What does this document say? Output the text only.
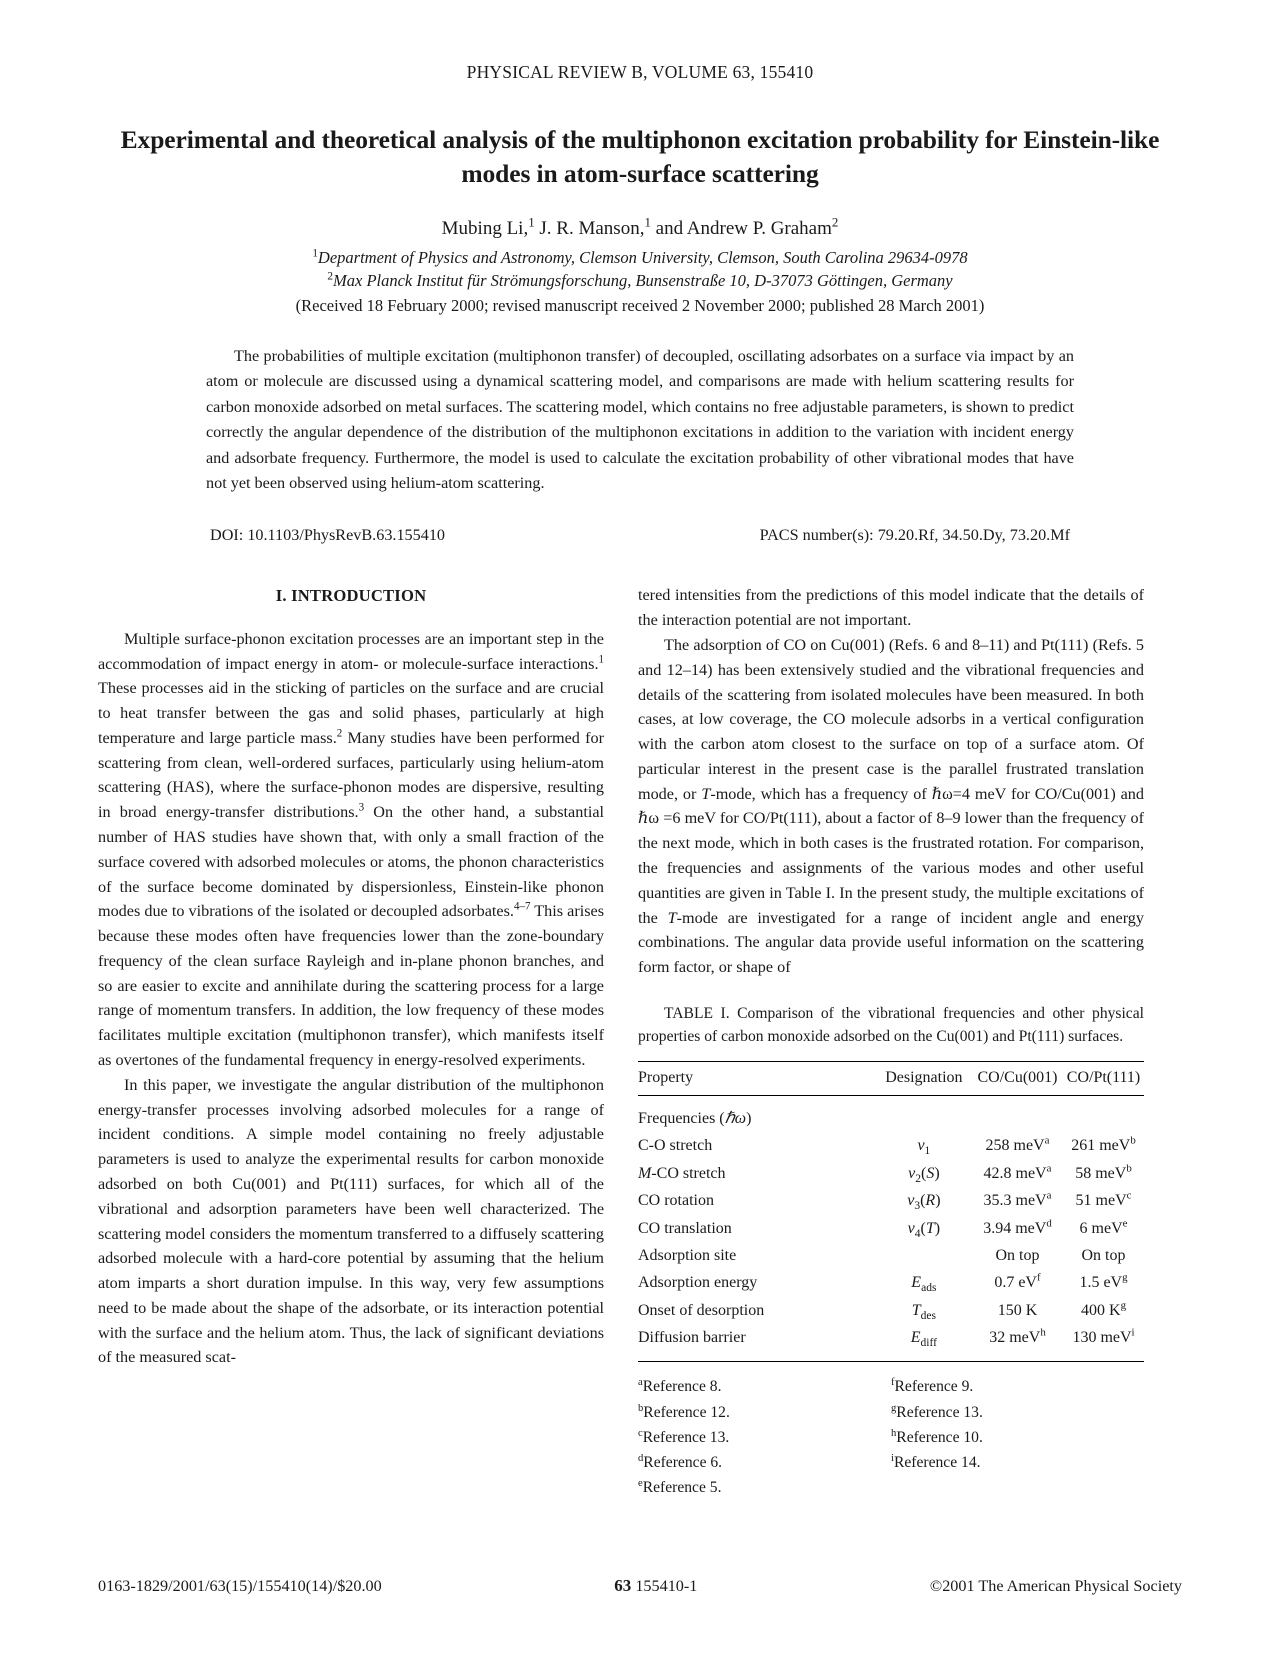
PHYSICAL REVIEW B, VOLUME 63, 155410
Experimental and theoretical analysis of the multiphonon excitation probability for Einstein-like modes in atom-surface scattering
Mubing Li,$^1$ J. R. Manson,$^1$ and Andrew P. Graham$^2$
$^1$Department of Physics and Astronomy, Clemson University, Clemson, South Carolina 29634-0978
$^2$Max Planck Institut für Strömungsforschung, Bunsenstraße 10, D-37073 Göttingen, Germany
(Received 18 February 2000; revised manuscript received 2 November 2000; published 28 March 2001)
The probabilities of multiple excitation (multiphonon transfer) of decoupled, oscillating adsorbates on a surface via impact by an atom or molecule are discussed using a dynamical scattering model, and comparisons are made with helium scattering results for carbon monoxide adsorbed on metal surfaces. The scattering model, which contains no free adjustable parameters, is shown to predict correctly the angular dependence of the distribution of the multiphonon excitations in addition to the variation with incident energy and adsorbate frequency. Furthermore, the model is used to calculate the excitation probability of other vibrational modes that have not yet been observed using helium-atom scattering.
DOI: 10.1103/PhysRevB.63.155410	PACS number(s): 79.20.Rf, 34.50.Dy, 73.20.Mf
I. INTRODUCTION

Multiple surface-phonon excitation processes are an important step in the accommodation of impact energy in atom- or molecule-surface interactions.$^1$ These processes aid in the sticking of particles on the surface and are crucial to heat transfer between the gas and solid phases, particularly at high temperature and large particle mass.$^2$ Many studies have been performed for scattering from clean, well-ordered surfaces, particularly using helium-atom scattering (HAS), where the surface-phonon modes are dispersive, resulting in broad energy-transfer distributions.$^3$ On the other hand, a substantial number of HAS studies have shown that, with only a small fraction of the surface covered with adsorbed molecules or atoms, the phonon characteristics of the surface become dominated by dispersionless, Einstein-like phonon modes due to vibrations of the isolated or decoupled adsorbates.$^{4-7}$ This arises because these modes often have frequencies lower than the zone-boundary frequency of the clean surface Rayleigh and in-plane phonon branches, and so are easier to excite and annihilate during the scattering process for a large range of momentum transfers. In addition, the low frequency of these modes facilitates multiple excitation (multiphonon transfer), which manifests itself as overtones of the fundamental frequency in energy-resolved experiments.

In this paper, we investigate the angular distribution of the multiphonon energy-transfer processes involving adsorbed molecules for a range of incident conditions. A simple model containing no freely adjustable parameters is used to analyze the experimental results for carbon monoxide adsorbed on both Cu(001) and Pt(111) surfaces, for which all of the vibrational and adsorption parameters have been well characterized. The scattering model considers the momentum transferred to a diffusely scattering adsorbed molecule with a hard-core potential by assuming that the helium atom imparts a short duration impulse. In this way, very few assumptions need to be made about the shape of the adsorbate, or its interaction potential with the surface and the helium atom. Thus, the lack of significant deviations of the measured scat-

tered intensities from the predictions of this model indicate that the details of the interaction potential are not important.

The adsorption of CO on Cu(001) (Refs. 6 and 8–11) and Pt(111) (Refs. 5 and 12–14) has been extensively studied and the vibrational frequencies and details of the scattering from isolated molecules have been measured. In both cases, at low coverage, the CO molecule adsorbs in a vertical configuration with the carbon atom closest to the surface on top of a surface atom. Of particular interest in the present case is the parallel frustrated translation mode, or T-mode, which has a frequency of ℏω=4 meV for CO/Cu(001) and ℏω =6 meV for CO/Pt(111), about a factor of 8–9 lower than the frequency of the next mode, which in both cases is the frustrated rotation. For comparison, the frequencies and assignments of the various modes and other useful quantities are given in Table I. In the present study, the multiple excitations of the T-mode are investigated for a range of incident angle and energy combinations. The angular data provide useful information on the scattering form factor, or shape of

TABLE I. Comparison of the vibrational frequencies and other physical properties of carbon monoxide adsorbed on the Cu(001) and Pt(111) surfaces.

Property	Designation	CO/Cu(001)	CO/Pt(111)

Frequencies (ℏω)			
C-O stretch	$\nu_1$	258 meV$^a$	261 meV$^b$
M-CO stretch	$\nu_2(S)$	42.8 meV$^a$	58 meV$^b$
CO rotation	$\nu_3(R)$	35.3 meV$^a$	51 meV$^c$
CO translation	$\nu_4(T)$	3.94 meV$^d$	6 meV$^e$
Adsorption site		On top	On top
Adsorption energy	$E_{ads}$	0.7 $eV^f$	1.5 $eV^g$
Onset of desorption	$T_{des}$	150 K	400 $K^g$
Diffusion barrier	$E_{diff}$	32 meV$^h$	130 meV$^i$

$^a$Reference 8.
$^b$Reference 12.
$^c$Reference 13.
$^d$Reference 6.
$^e$Reference 5.
$^f$Reference 9.
$^g$Reference 13.
$^h$Reference 10.
$^i$Reference 14.
0163-1829/2001/63(15)/155410(14)/$20.00	63 155410-1	©2001 The American Physical Society
